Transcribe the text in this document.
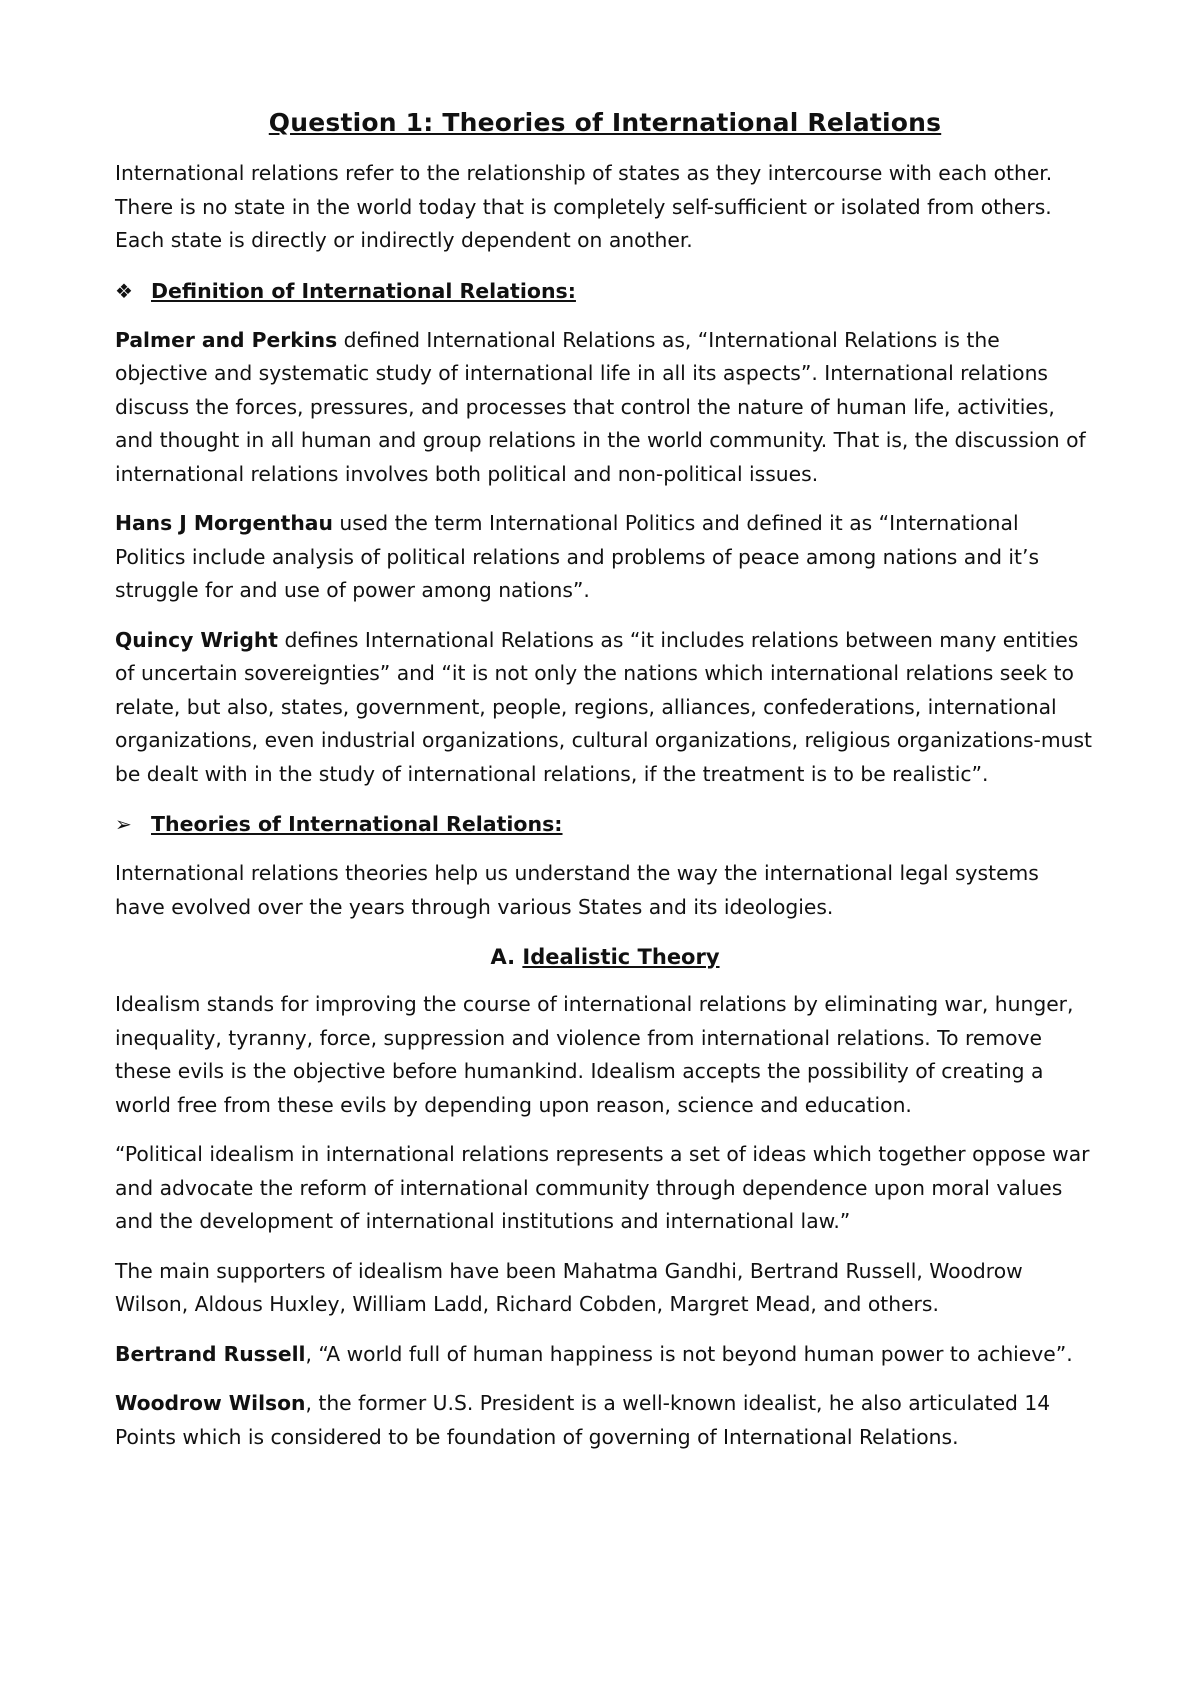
Question 1: Theories of International Relations

International relations refer to the relationship of states as they intercourse with each other. There is no state in the world today that is completely self-sufficient or isolated from others. Each state is directly or indirectly dependent on another.

❖ Definition of International Relations:

Palmer and Perkins defined International Relations as, “International Relations is the objective and systematic study of international life in all its aspects”. International relations discuss the forces, pressures, and processes that control the nature of human life, activities, and thought in all human and group relations in the world community. That is, the discussion of international relations involves both political and non-political issues.

Hans J Morgenthau used the term International Politics and defined it as “International Politics include analysis of political relations and problems of peace among nations and it’s struggle for and use of power among nations”.

Quincy Wright defines International Relations as “it includes relations between many entities of uncertain sovereignties” and “it is not only the nations which international relations seek to relate, but also, states, government, people, regions, alliances, confederations, international organizations, even industrial organizations, cultural organizations, religious organizations-must be dealt with in the study of international relations, if the treatment is to be realistic”.

➢ Theories of International Relations:

International relations theories help us understand the way the international legal systems have evolved over the years through various States and its ideologies.

A. Idealistic Theory

Idealism stands for improving the course of international relations by eliminating war, hunger, inequality, tyranny, force, suppression and violence from international relations. To remove these evils is the objective before humankind. Idealism accepts the possibility of creating a world free from these evils by depending upon reason, science and education.

“Political idealism in international relations represents a set of ideas which together oppose war and advocate the reform of international community through dependence upon moral values and the development of international institutions and international law.”

The main supporters of idealism have been Mahatma Gandhi, Bertrand Russell, Woodrow Wilson, Aldous Huxley, William Ladd, Richard Cobden, Margret Mead, and others.

Bertrand Russell, “A world full of human happiness is not beyond human power to achieve”.

Woodrow Wilson, the former U.S. President is a well-known idealist, he also articulated 14 Points which is considered to be foundation of governing of International Relations.
